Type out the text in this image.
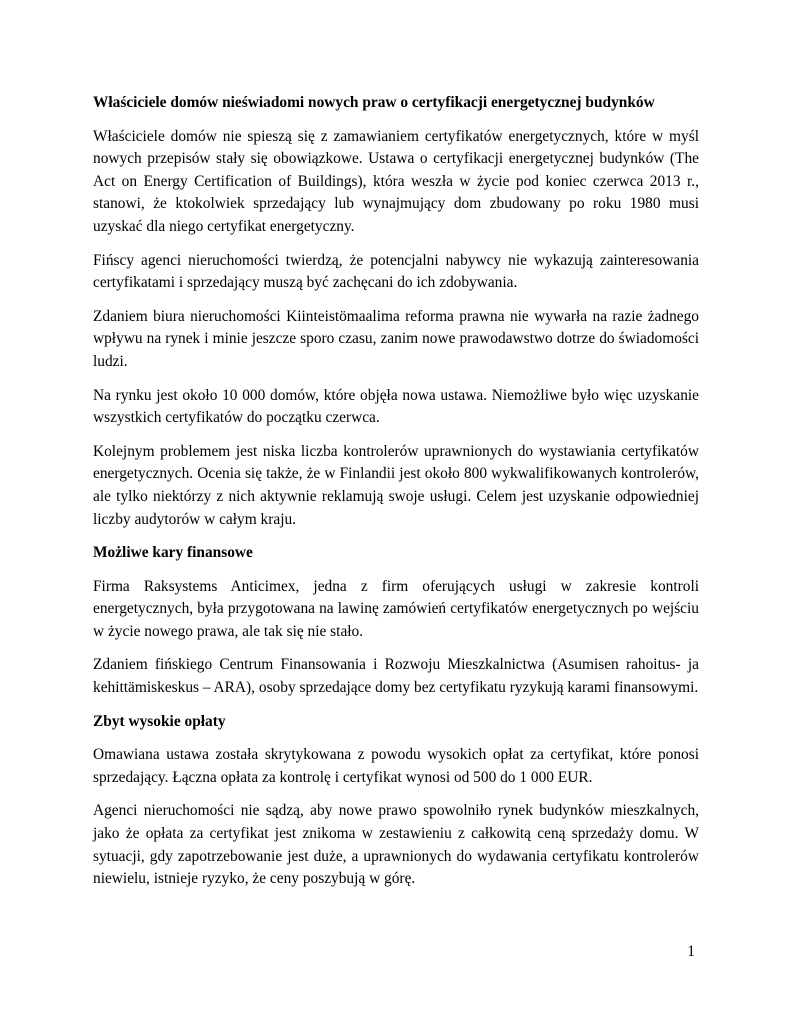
Właściciele domów nieświadomi nowych praw o certyfikacji energetycznej budynków

Właściciele domów nie spieszą się z zamawianiem certyfikatów energetycznych, które w myśl nowych przepisów stały się obowiązkowe. Ustawa o certyfikacji energetycznej budynków (The Act on Energy Certification of Buildings), która weszła w życie pod koniec czerwca 2013 r., stanowi, że ktokolwiek sprzedający lub wynajmujący dom zbudowany po roku 1980 musi uzyskać dla niego certyfikat energetyczny.

Fińscy agenci nieruchomości twierdzą, że potencjalni nabywcy nie wykazują zainteresowania certyfikatami i sprzedający muszą być zachęcani do ich zdobywania.

Zdaniem biura nieruchomości Kiinteistömaalima reforma prawna nie wywarła na razie żadnego wpływu na rynek i minie jeszcze sporo czasu, zanim nowe prawodawstwo dotrze do świadomości ludzi.

Na rynku jest około 10 000 domów, które objęła nowa ustawa. Niemożliwe było więc uzyskanie wszystkich certyfikatów do początku czerwca.

Kolejnym problemem jest niska liczba kontrolerów uprawnionych do wystawiania certyfikatów energetycznych. Ocenia się także, że w Finlandii jest około 800 wykwalifikowanych kontrolerów, ale tylko niektórzy z nich aktywnie reklamują swoje usługi. Celem jest uzyskanie odpowiedniej liczby audytorów w całym kraju.

Możliwe kary finansowe

Firma Raksystems Anticimex, jedna z firm oferujących usługi w zakresie kontroli energetycznych, była przygotowana na lawinę zamówień certyfikatów energetycznych po wejściu w życie nowego prawa, ale tak się nie stało.

Zdaniem fińskiego Centrum Finansowania i Rozwoju Mieszkalnictwa (Asumisen rahoitus- ja kehittämiskeskus – ARA), osoby sprzedające domy bez certyfikatu ryzykują karami finansowymi.

Zbyt wysokie opłaty

Omawiana ustawa została skrytykowana z powodu wysokich opłat za certyfikat, które ponosi sprzedający. Łączna opłata za kontrolę i certyfikat wynosi od 500 do 1 000 EUR.

Agenci nieruchomości nie sądzą, aby nowe prawo spowolniło rynek budynków mieszkalnych, jako że opłata za certyfikat jest znikoma w zestawieniu z całkowitą ceną sprzedaży domu. W sytuacji, gdy zapotrzebowanie jest duże, a uprawnionych do wydawania certyfikatu kontrolerów niewielu, istnieje ryzyko, że ceny poszybują w górę.

1
